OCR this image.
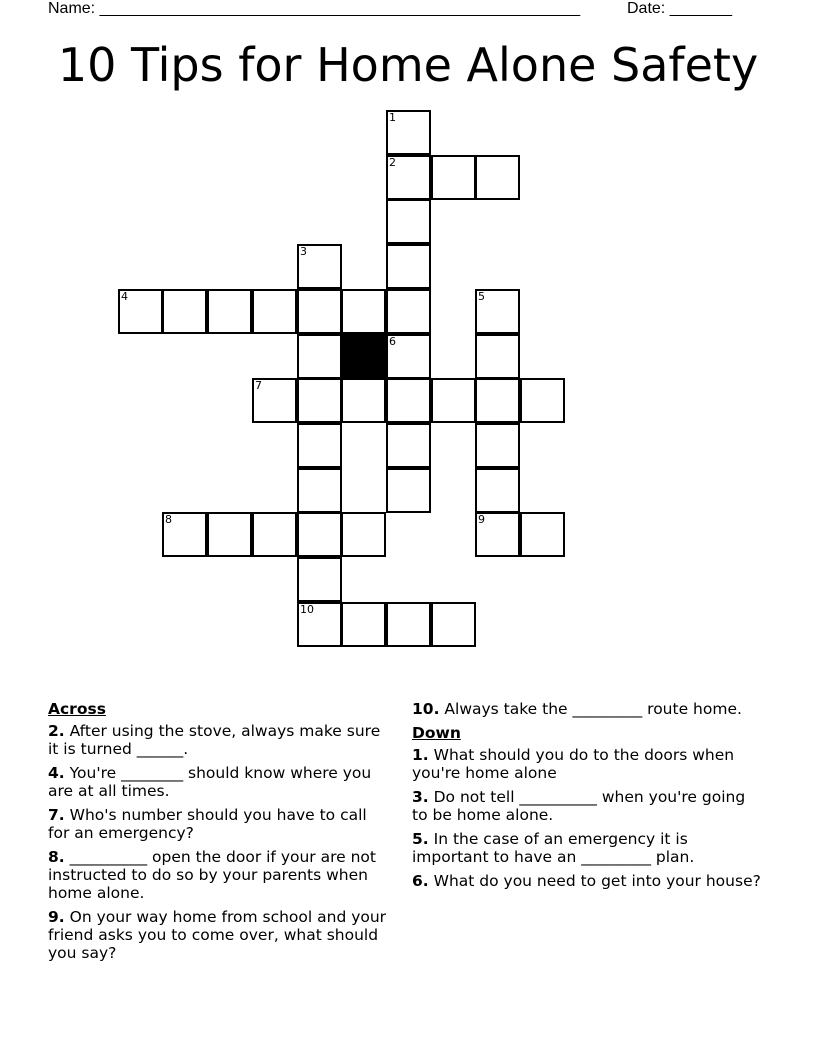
Name: ______________________________________________________	Date: _______
10 Tips for Home Alone Safety
1
2
3
4	5
6
7
8	9
10
Across
2. After using the stove, always make sure it is turned ______.
4. You're ________ should know where you are at all times.
7. Who's number should you have to call for an emergency?
8. __________ open the door if your are not instructed to do so by your parents when home alone.
9. On your way home from school and your friend asks you to come over, what should you say?
10. Always take the _________ route home.
Down
1. What should you do to the doors when you're home alone
3. Do not tell __________ when you're going to be home alone.
5. In the case of an emergency it is important to have an _________ plan.
6. What do you need to get into your house?
